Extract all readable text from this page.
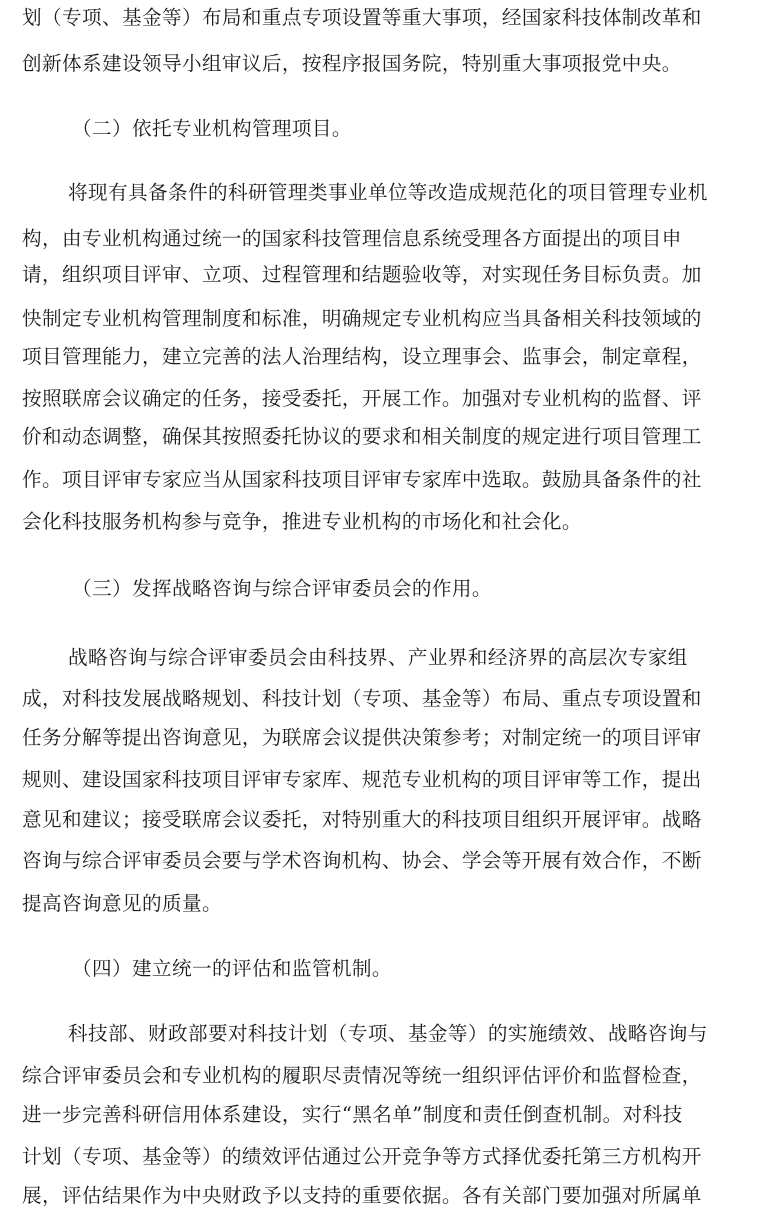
划（专项、基金等）布局和重点专项设置等重大事项，经国家科技体制改革和
创新体系建设领导小组审议后，按程序报国务院，特别重大事项报党中央。
（二）依托专业机构管理项目。
将现有具备条件的科研管理类事业单位等改造成规范化的项目管理专业机
构，由专业机构通过统一的国家科技管理信息系统受理各方面提出的项目申
请，组织项目评审、立项、过程管理和结题验收等，对实现任务目标负责。加
快制定专业机构管理制度和标准，明确规定专业机构应当具备相关科技领域的
项目管理能力，建立完善的法人治理结构，设立理事会、监事会，制定章程，
按照联席会议确定的任务，接受委托，开展工作。加强对专业机构的监督、评
价和动态调整，确保其按照委托协议的要求和相关制度的规定进行项目管理工
作。项目评审专家应当从国家科技项目评审专家库中选取。鼓励具备条件的社
会化科技服务机构参与竞争，推进专业机构的市场化和社会化。
（三）发挥战略咨询与综合评审委员会的作用。
战略咨询与综合评审委员会由科技界、产业界和经济界的高层次专家组
成，对科技发展战略规划、科技计划（专项、基金等）布局、重点专项设置和
任务分解等提出咨询意见，为联席会议提供决策参考；对制定统一的项目评审
规则、建设国家科技项目评审专家库、规范专业机构的项目评审等工作，提出
意见和建议；接受联席会议委托，对特别重大的科技项目组织开展评审。战略
咨询与综合评审委员会要与学术咨询机构、协会、学会等开展有效合作，不断
提高咨询意见的质量。
（四）建立统一的评估和监管机制。
科技部、财政部要对科技计划（专项、基金等）的实施绩效、战略咨询与
综合评审委员会和专业机构的履职尽责情况等统一组织评估评价和监督检查，
进一步完善科研信用体系建设，实行“黑名单”制度和责任倒查机制。对科技
计划（专项、基金等）的绩效评估通过公开竞争等方式择优委托第三方机构开
展，评估结果作为中央财政予以支持的重要依据。各有关部门要加强对所属单
